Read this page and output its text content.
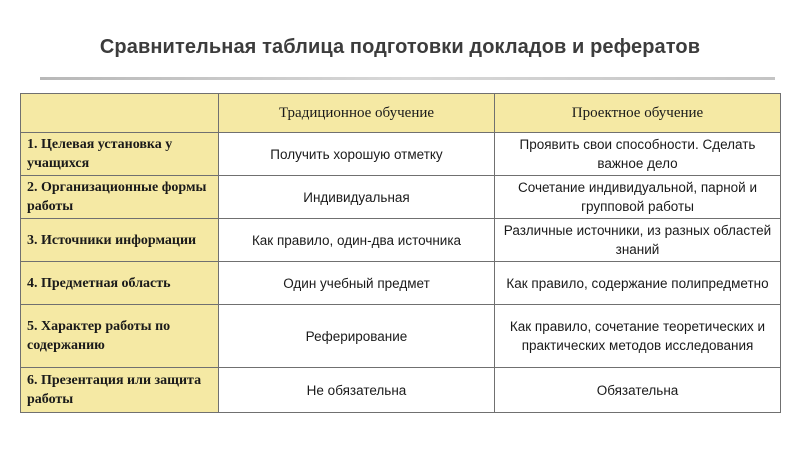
Сравнительная таблица подготовки докладов и рефератов
	Традиционное обучение	Проектное обучение
1. Целевая установка у учащихся	Получить хорошую отметку	Проявить свои способности. Сделать важное дело
2. Организационные формы работы	Индивидуальная	Сочетание индивидуальной, парной и групповой работы
3. Источники информации	Как правило, один-два источника	Различные источники, из разных областей знаний
4. Предметная область	Один учебный предмет	Как правило, содержание полипредметно
5. Характер работы по содержанию	Реферирование	Как правило, сочетание теоретических и практических методов исследования
6. Презентация или защита работы	Не обязательна	Обязательна
